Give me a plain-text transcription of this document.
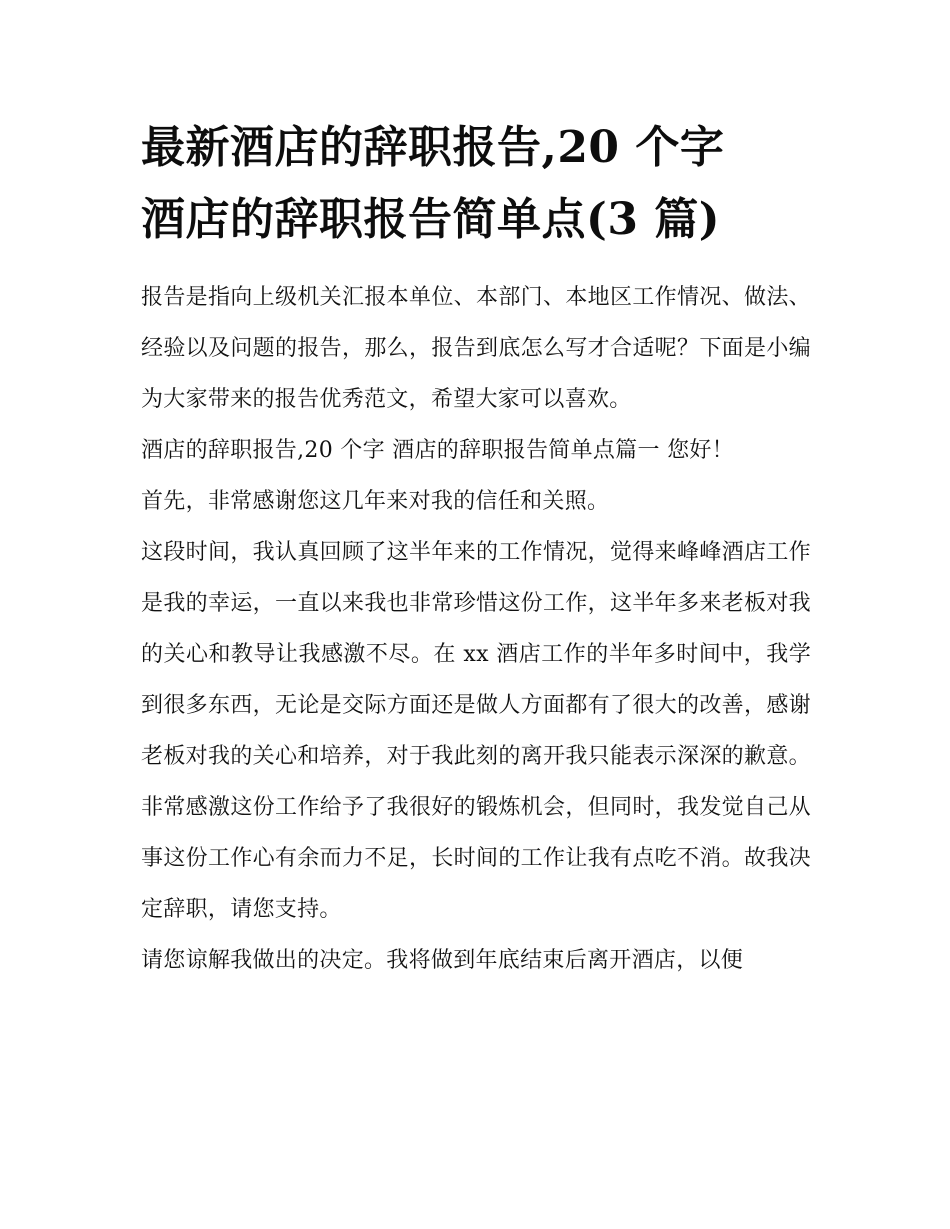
最新酒店的辞职报告,20 个字
酒店的辞职报告简单点(3 篇)

报告是指向上级机关汇报本单位、本部门、本地区工作情况、做法、经验以及问题的报告，那么，报告到底怎么写才合适呢？下面是小编为大家带来的报告优秀范文，希望大家可以喜欢。

酒店的辞职报告,20 个字 酒店的辞职报告简单点篇一 您好！

首先，非常感谢您这几年来对我的信任和关照。

这段时间，我认真回顾了这半年来的工作情况，觉得来峰峰酒店工作是我的幸运，一直以来我也非常珍惜这份工作，这半年多来老板对我的关心和教导让我感激不尽。在 xx 酒店工作的半年多时间中，我学到很多东西，无论是交际方面还是做人方面都有了很大的改善，感谢老板对我的关心和培养，对于我此刻的离开我只能表示深深的歉意。非常感激这份工作给予了我很好的锻炼机会，但同时，我发觉自己从事这份工作心有余而力不足，长时间的工作让我有点吃不消。故我决定辞职，请您支持。

请您谅解我做出的决定。我将做到年底结束后离开酒店，以便
